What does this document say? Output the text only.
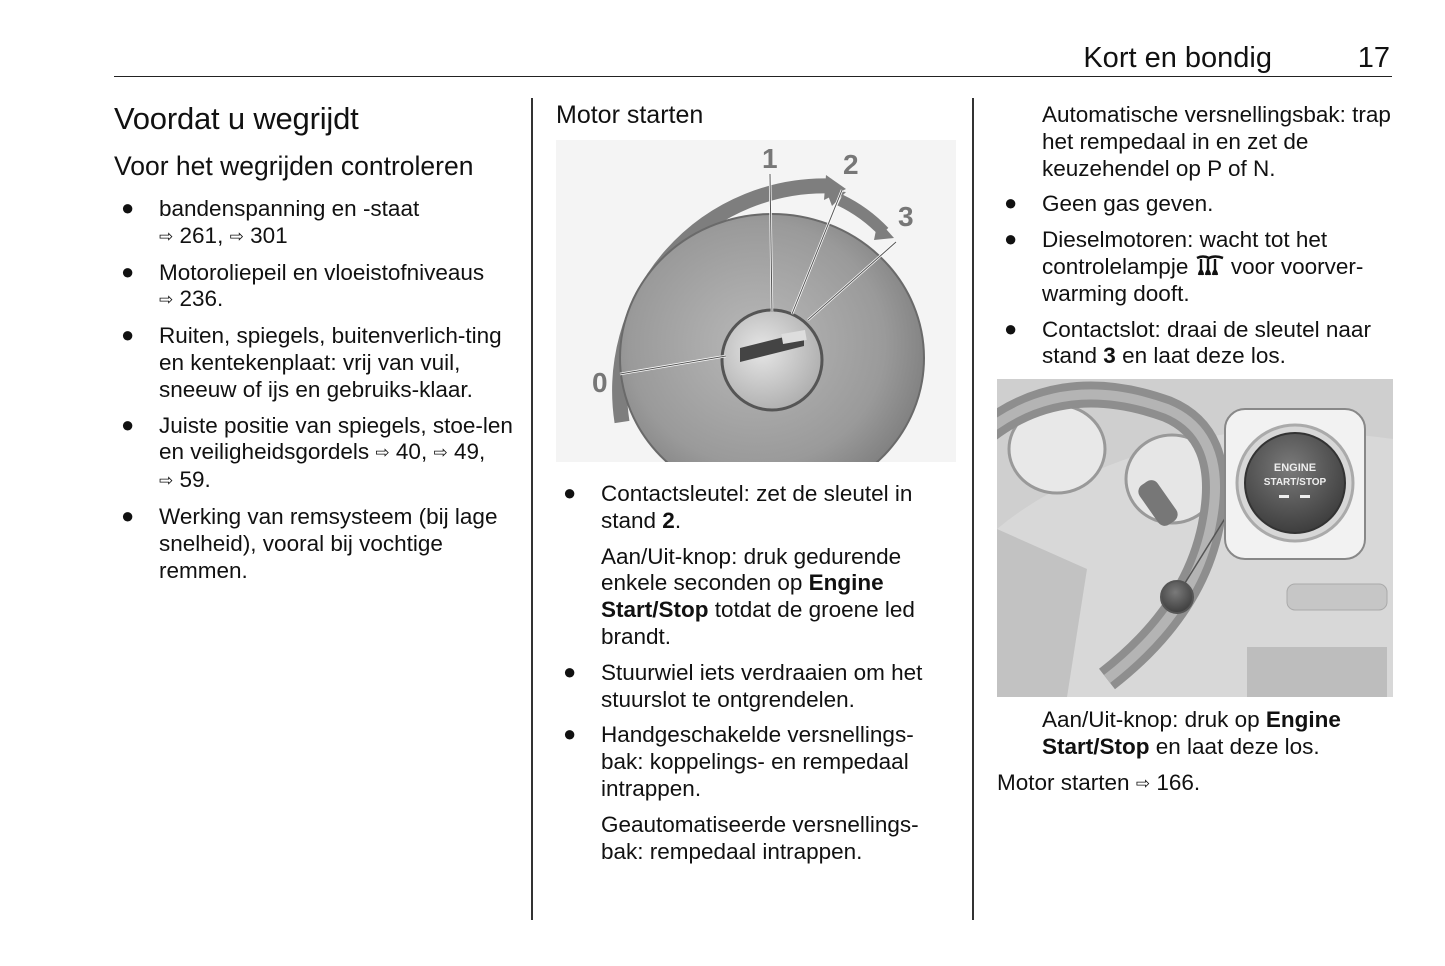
Kort en bondig	17
Voordat u wegrijdt
Voor het wegrijden controleren
● bandenspanning en -staat
⇨ 261, ⇨ 301
● Motoroliepeil en vloeistofniveaus
⇨ 236.
● Ruiten, spiegels, buitenverlich-ting en kentekenplaat: vrij van vuil, sneeuw of ijs en gebruiks-klaar.
● Juiste positie van spiegels, stoe-len en veiligheidsgordels ⇨ 40, ⇨ 49, ⇨ 59.
● Werking van remsysteem (bij lage snelheid), vooral bij vochtige remmen.
Motor starten
0
1 2
3
● Contactsleutel: zet de sleutel in stand 2.
Aan/Uit-knop: druk gedurende enkele seconden op Engine Start/Stop totdat de groene led brandt.
● Stuurwiel iets verdraaien om het stuurslot te ontgrendelen.
● Handgeschakelde versnellings-bak: koppelings- en rempedaal intrappen.
Geautomatiseerde versnellings-bak: rempedaal intrappen.
Automatische versnellingsbak: trap het rempedaal in en zet de keuzehendel op P of N.
● Geen gas geven.
● Dieselmotoren: wacht tot het controlelampje  voor voorver-warming dooft.
● Contactslot: draai de sleutel naar stand 3 en laat deze los.
ENGINE
START/STOP
Aan/Uit-knop: druk op Engine Start/Stop en laat deze los.
Motor starten ⇨ 166.
